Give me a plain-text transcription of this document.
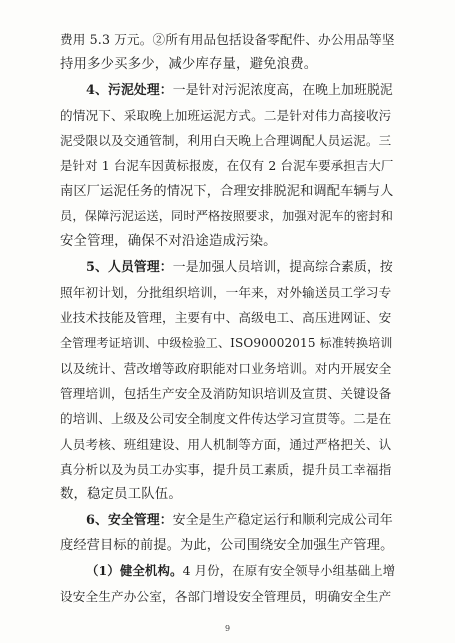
费用 5.3 万元。②所有用品包括设备零配件、办公用品等坚
持用多少买多少，减少库存量，避免浪费。
4、污泥处理：一是针对污泥浓度高，在晚上加班脱泥
的情况下、采取晚上加班运泥方式。二是针对伟力高接收污
泥受限以及交通管制，利用白天晚上合理调配人员运泥。三
是针对 1 台泥车因黄标报废，在仅有 2 台泥车要承担吉大厂
南区厂运泥任务的情况下，合理安排脱泥和调配车辆与人
员，保障污泥运送，同时严格按照要求，加强对泥车的密封和
安全管理，确保不对沿途造成污染。
5、人员管理：一是加强人员培训，提高综合素质，按
照年初计划，分批组织培训，一年来，对外输送员工学习专
业技术技能及管理，主要有中、高级电工、高压进网证、安
全管理考证培训、中级检验工、ISO90002015 标准转换培训
以及统计、营改增等政府职能对口业务培训。对内开展安全
管理培训，包括生产安全及消防知识培训及宣贯、关键设备
的培训、上级及公司安全制度文件传达学习宣贯等。二是在
人员考核、班组建设、用人机制等方面，通过严格把关、认
真分析以及为员工办实事，提升员工素质，提升员工幸福指
数，稳定员工队伍。
6、安全管理：安全是生产稳定运行和顺利完成公司年
度经营目标的前提。为此，公司围绕安全加强生产管理。
（1）健全机构。4 月份，在原有安全领导小组基础上增
设安全生产办公室，各部门增设安全管理员，明确安全生产
9
